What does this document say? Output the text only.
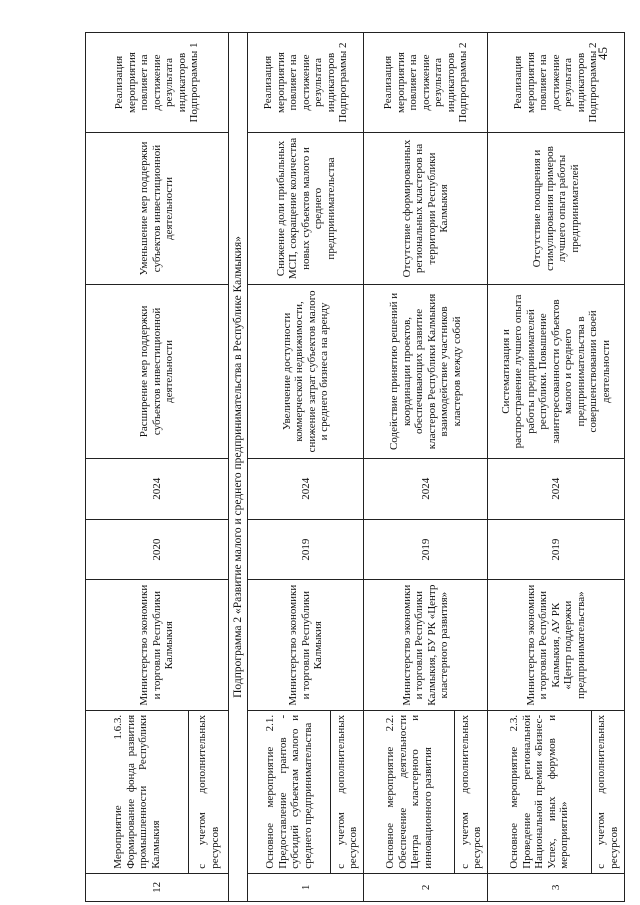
12	Мероприятие 1.6.3. Формирование фонда развития промышленности Республики Калмыкия	Министерство экономики и торговли Республики Калмыкия	2020	2024	Расширение мер поддержки субъектов инвестиционной деятельности	Уменьшение мер поддержки субъектов инвестиционной деятельности	Реализация мероприятия повлияет на достижение результата индикаторов Подпрограммы 1
	с учетом дополнительных ресурсов						
Подпрограмма 2 «Развитие малого и среднего предпринимательства в Республике Калмыкия»							
1	Основное мероприятие 2.1. Предоставление грантов - субсидий субъектам малого и среднего предпринимательства	Министерство экономики и торговли Республики Калмыкия	2019	2024	Увеличение доступности коммерческой недвижимости, снижение затрат субъектов малого и среднего бизнеса на аренду	Снижение доли прибыльных МСП, сокращение количества новых субъектов малого и среднего предпринимательства	Реализация мероприятия повлияет на достижение результата индикаторов Подпрограммы 2
	с учетом дополнительных ресурсов						
2	Основное мероприятие 2.2. Обеспечение деятельности Центра кластерного и инновационного развития	Министерство экономики и торговли Республики Калмыкия, БУ РК «Центр кластерного развития»	2019	2024	Содействие принятию решений и координации проектов, обеспечивающих развитие кластеров Республики Калмыкия взаимодействие участников кластеров между собой	Отсутствие сформированных региональных кластеров на территории Республики Калмыкия	Реализация мероприятия повлияет на достижение результата индикаторов Подпрограммы 2
	с учетом дополнительных ресурсов						
3	Основное мероприятие 2.3. Проведение региональной Национальной премии «Бизнес-Успех, иных форумов и мероприятий»	Министерство экономики и торговли Республики Калмыкия, АУ РК «Центр поддержки предпринимательства»	2019	2024	Систематизация и распространение лучшего опыта работы предпринимателей республики. Повышение заинтересованности субъектов малого и среднего предпринимательства в совершенствовании своей деятельности	Отсутствие поощрения и стимулирования примеров лучшего опыта работы предпринимателей	Реализация мероприятия повлияет на достижение результата индикаторов Подпрограммы 2
	с учетом дополнительных ресурсов						
45
